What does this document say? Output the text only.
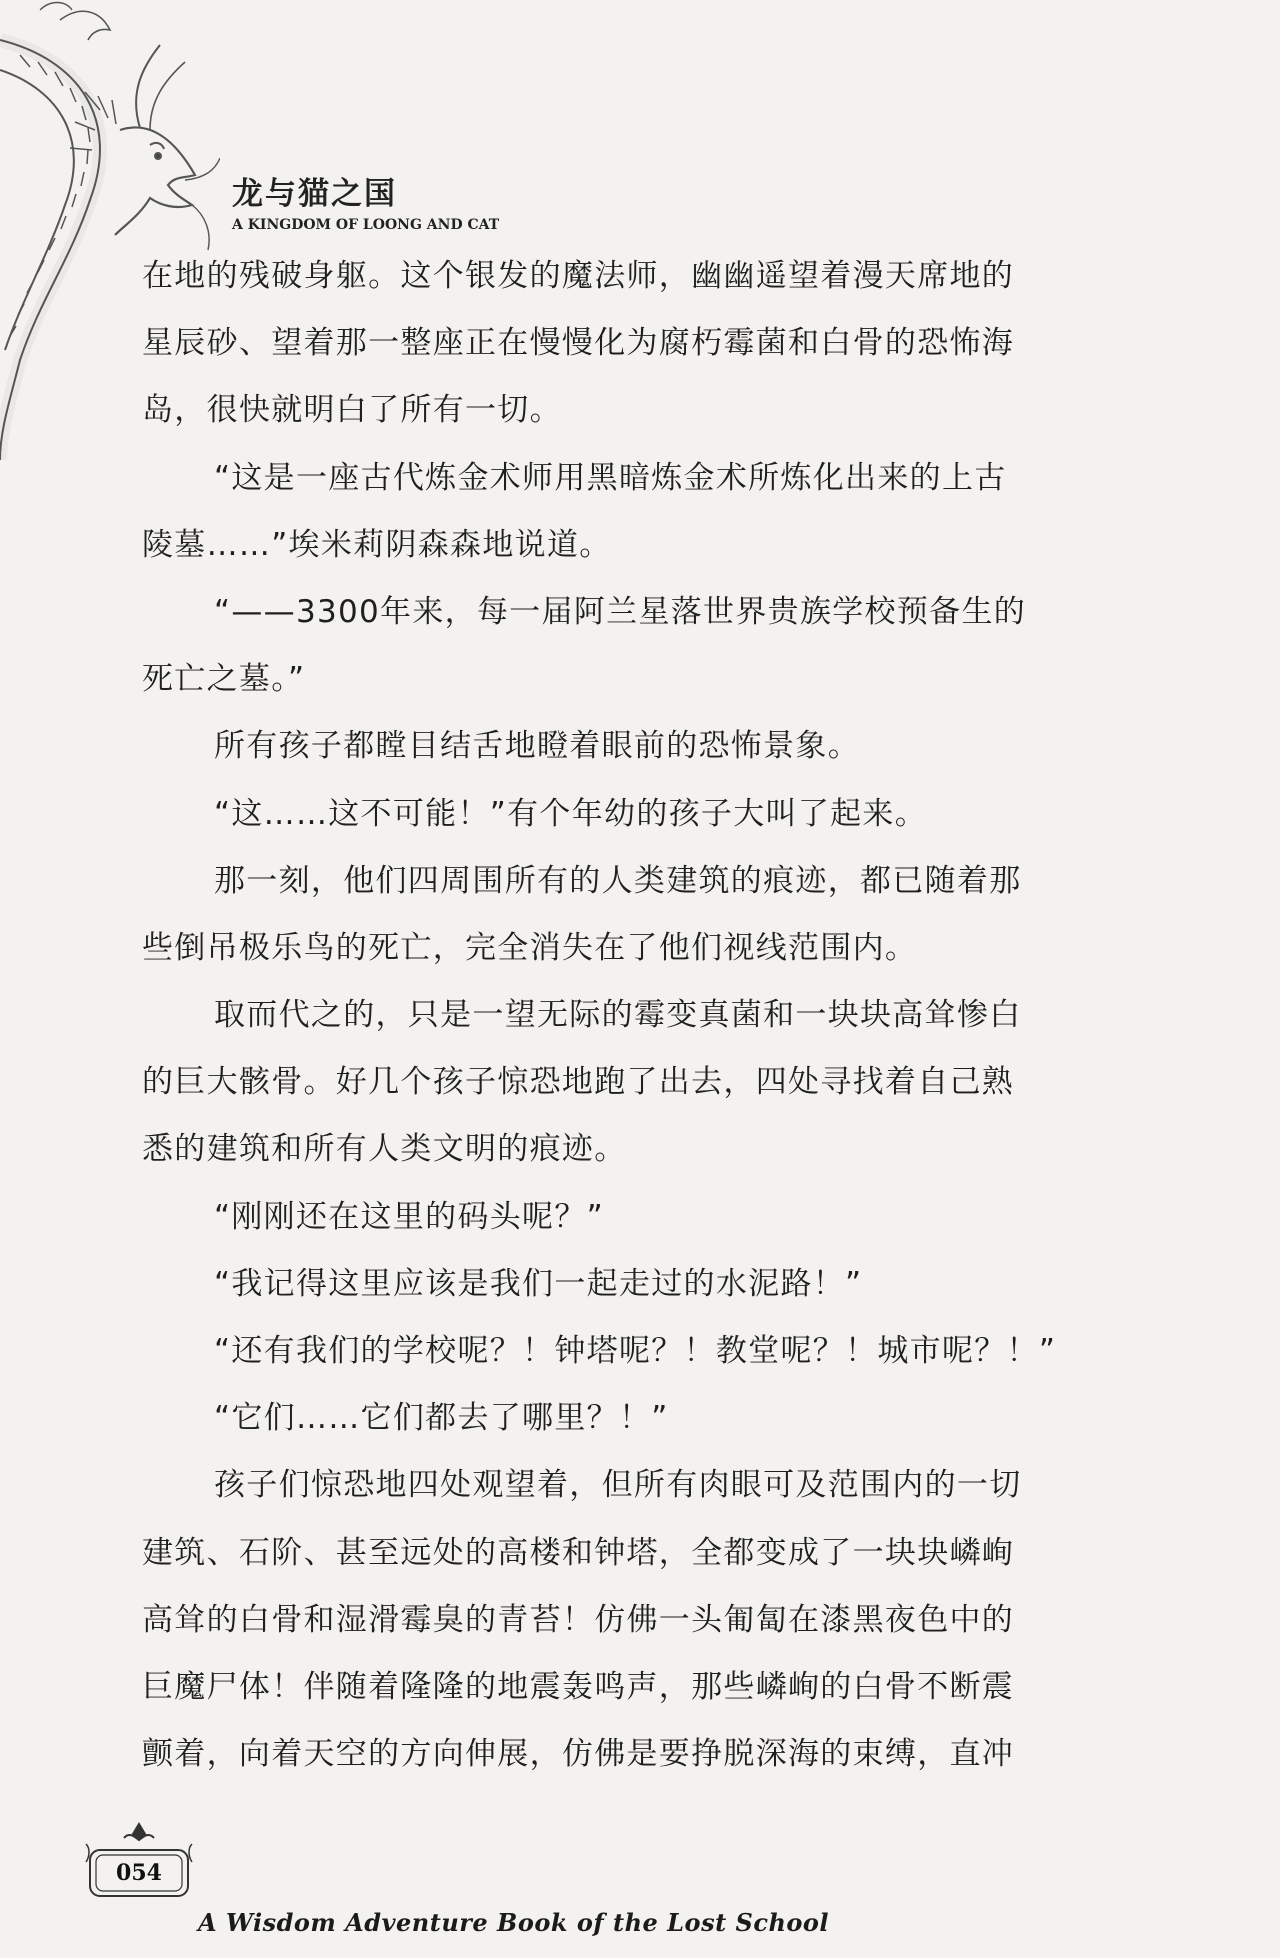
龙与猫之国
A KINGDOM OF LOONG AND CAT
在地的残破身躯。这个银发的魔法师，幽幽遥望着漫天席地的
星辰砂、望着那一整座正在慢慢化为腐朽霉菌和白骨的恐怖海
岛，很快就明白了所有一切。
“这是一座古代炼金术师用黑暗炼金术所炼化出来的上古
陵墓……”埃米莉阴森森地说道。
“——3300年来，每一届阿兰星落世界贵族学校预备生的
死亡之墓。”
所有孩子都瞠目结舌地瞪着眼前的恐怖景象。
“这……这不可能！”有个年幼的孩子大叫了起来。
那一刻，他们四周围所有的人类建筑的痕迹，都已随着那
些倒吊极乐鸟的死亡，完全消失在了他们视线范围内。
取而代之的，只是一望无际的霉变真菌和一块块高耸惨白
的巨大骸骨。好几个孩子惊恐地跑了出去，四处寻找着自己熟
悉的建筑和所有人类文明的痕迹。
“刚刚还在这里的码头呢？”
“我记得这里应该是我们一起走过的水泥路！”
“还有我们的学校呢？！钟塔呢？！教堂呢？！城市呢？！”
“它们……它们都去了哪里？！”
孩子们惊恐地四处观望着，但所有肉眼可及范围内的一切
建筑、石阶、甚至远处的高楼和钟塔，全都变成了一块块嶙峋
高耸的白骨和湿滑霉臭的青苔！仿佛一头匍匐在漆黑夜色中的
巨魔尸体！伴随着隆隆的地震轰鸣声，那些嶙峋的白骨不断震
颤着，向着天空的方向伸展，仿佛是要挣脱深海的束缚，直冲
054
A Wisdom Adventure Book of the Lost School
